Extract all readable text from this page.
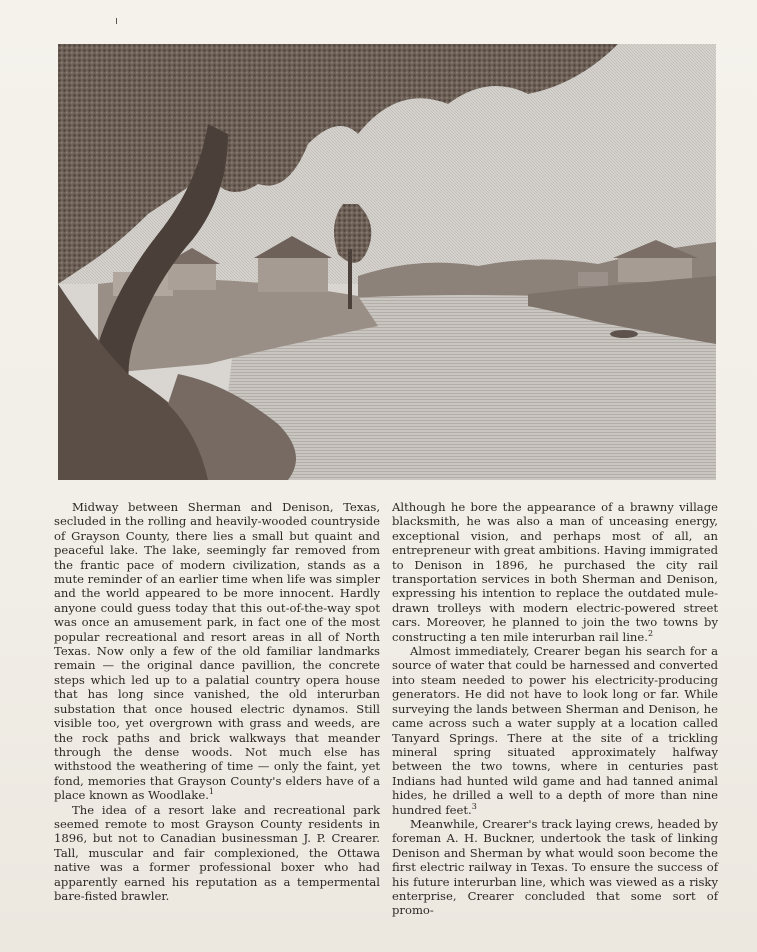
Midway between Sherman and Denison, Texas, secluded in the rolling and heavily-wooded countryside of Grayson County, there lies a small but quaint and peaceful lake. The lake, seemingly far removed from the frantic pace of modern civilization, stands as a mute reminder of an earlier time when life was simpler and the world appeared to be more innocent. Hardly anyone could guess today that this out-of-the-way spot was once an amusement park, in fact one of the most popular recreational and resort areas in all of North Texas. Now only a few of the old familiar landmarks remain — the original dance pavillion, the concrete steps which led up to a palatial country opera house that has long since vanished, the old interurban substation that once housed electric dynamos. Still visible too, yet overgrown with grass and weeds, are the rock paths and brick walkways that meander through the dense woods. Not much else has withstood the weathering of time — only the faint, yet fond, memories that Grayson County's elders have of a place known as Woodlake.$^1$

The idea of a resort lake and recreational park seemed remote to most Grayson County residents in 1896, but not to Canadian businessman J. P. Crearer. Tall, muscular and fair complexioned, the Ottawa native was a former professional boxer who had apparently earned his reputation as a tempermental bare-fisted brawler.

Although he bore the appearance of a brawny village blacksmith, he was also a man of unceasing energy, exceptional vision, and perhaps most of all, an entrepreneur with great ambitions. Having immigrated to Denison in 1896, he purchased the city rail transportation services in both Sherman and Denison, expressing his intention to replace the outdated mule-drawn trolleys with modern electric-powered street cars. Moreover, he planned to join the two towns by constructing a ten mile interurban rail line.$^2$

Almost immediately, Crearer began his search for a source of water that could be harnessed and converted into steam needed to power his electricity-producing generators. He did not have to look long or far. While surveying the lands between Sherman and Denison, he came across such a water supply at a location called Tanyard Springs. There at the site of a trickling mineral spring situated approximately halfway between the two towns, where in centuries past Indians had hunted wild game and had tanned animal hides, he drilled a well to a depth of more than nine hundred feet.$^3$

Meanwhile, Crearer's track laying crews, headed by foreman A. H. Buckner, undertook the task of linking Denison and Sherman by what would soon become the first electric railway in Texas. To ensure the success of his future interurban line, which was viewed as a risky enterprise, Crearer concluded that some sort of promo-
